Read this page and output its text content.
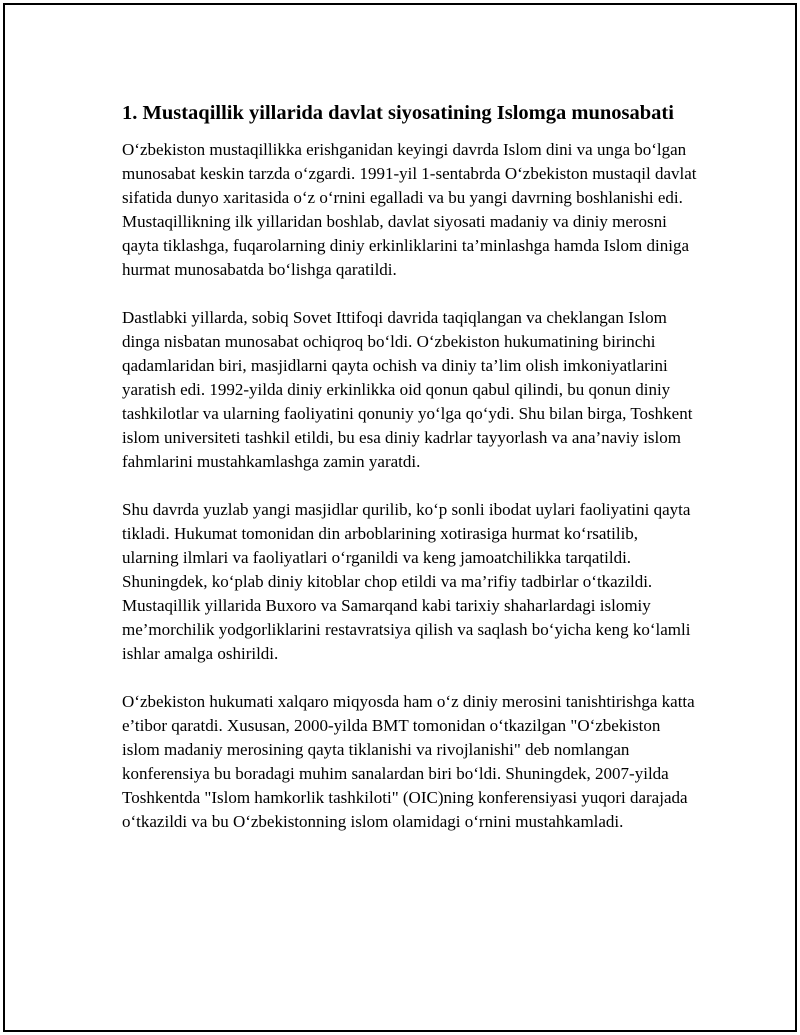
1. Mustaqillik yillarida davlat siyosatining Islomga munosabati

O‘zbekiston mustaqillikka erishganidan keyingi davrda Islom dini va unga bo‘lgan munosabat keskin tarzda o‘zgardi. 1991-yil 1-sentabrda O‘zbekiston mustaqil davlat sifatida dunyo xaritasida o‘z o‘rnini egalladi va bu yangi davrning boshlanishi edi. Mustaqillikning ilk yillaridan boshlab, davlat siyosati madaniy va diniy merosni qayta tiklashga, fuqarolarning diniy erkinliklarini ta’minlashga hamda Islom diniga hurmat munosabatda bo‘lishga qaratildi.

Dastlabki yillarda, sobiq Sovet Ittifoqi davrida taqiqlangan va cheklangan Islom dinga nisbatan munosabat ochiqroq bo‘ldi. O‘zbekiston hukumatining birinchi qadamlaridan biri, masjidlarni qayta ochish va diniy ta’lim olish imkoniyatlarini yaratish edi. 1992-yilda diniy erkinlikka oid qonun qabul qilindi, bu qonun diniy tashkilotlar va ularning faoliyatini qonuniy yo‘lga qo‘ydi. Shu bilan birga, Toshkent islom universiteti tashkil etildi, bu esa diniy kadrlar tayyorlash va ana’naviy islom fahmlarini mustahkamlashga zamin yaratdi.

Shu davrda yuzlab yangi masjidlar qurilib, ko‘p sonli ibodat uylari faoliyatini qayta tikladi. Hukumat tomonidan din arboblarining xotirasiga hurmat ko‘rsatilib, ularning ilmlari va faoliyatlari o‘rganildi va keng jamoatchilikka tarqatildi. Shuningdek, ko‘plab diniy kitoblar chop etildi va ma’rifiy tadbirlar o‘tkazildi. Mustaqillik yillarida Buxoro va Samarqand kabi tarixiy shaharlardagi islomiy me’morchilik yodgorliklarini restavratsiya qilish va saqlash bo‘yicha keng ko‘lamli ishlar amalga oshirildi.

O‘zbekiston hukumati xalqaro miqyosda ham o‘z diniy merosini tanishtirishga katta e’tibor qaratdi. Xususan, 2000-yilda BMT tomonidan o‘tkazilgan "O‘zbekiston islom madaniy merosining qayta tiklanishi va rivojlanishi" deb nomlangan konferensiya bu boradagi muhim sanalardan biri bo‘ldi. Shuningdek, 2007-yilda Toshkentda "Islom hamkorlik tashkiloti" (OIC)ning konferensiyasi yuqori darajada o‘tkazildi va bu O‘zbekistonning islom olamidagi o‘rnini mustahkamladi.
